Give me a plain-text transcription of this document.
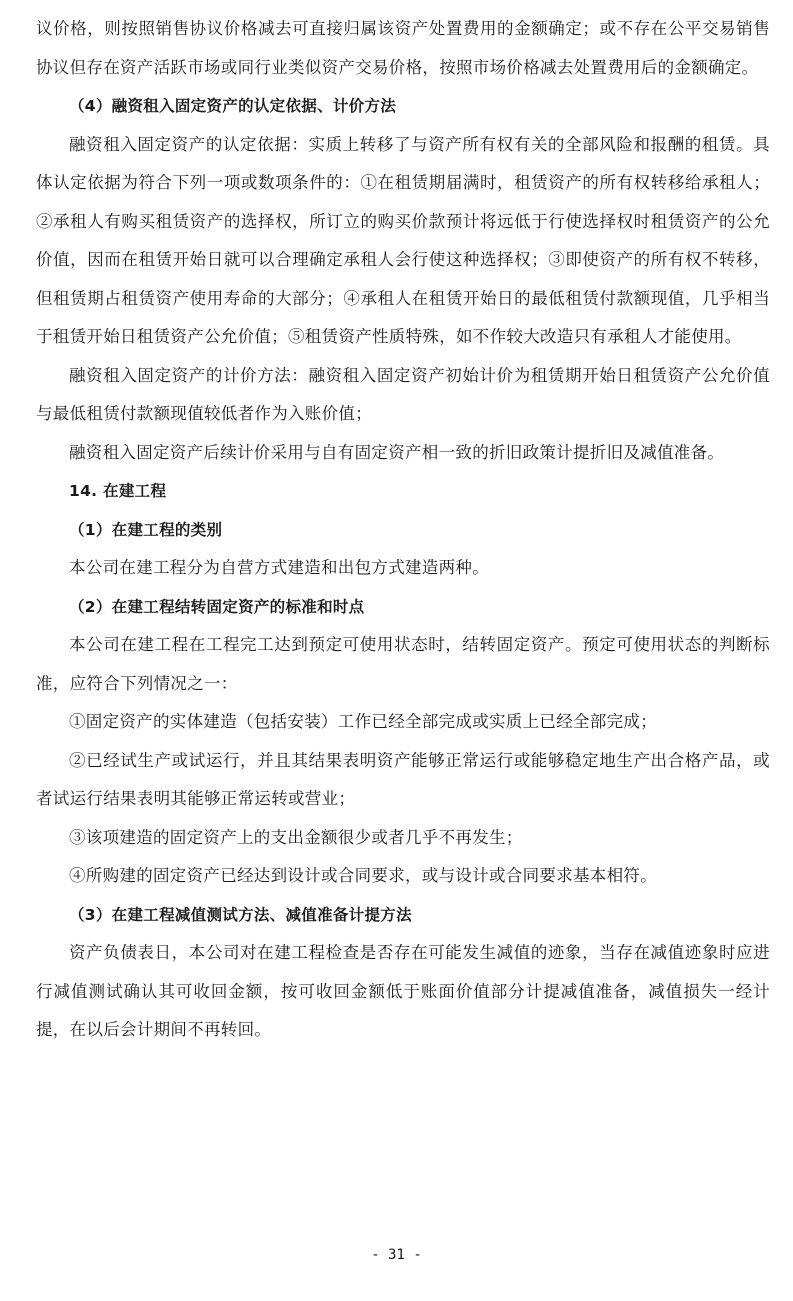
议价格，则按照销售协议价格减去可直接归属该资产处置费用的金额确定；或不存在公平交易销售协议但存在资产活跃市场或同行业类似资产交易价格，按照市场价格减去处置费用后的金额确定。

（4）融资租入固定资产的认定依据、计价方法

融资租入固定资产的认定依据：实质上转移了与资产所有权有关的全部风险和报酬的租赁。具体认定依据为符合下列一项或数项条件的：①在租赁期届满时，租赁资产的所有权转移给承租人；②承租人有购买租赁资产的选择权，所订立的购买价款预计将远低于行使选择权时租赁资产的公允价值，因而在租赁开始日就可以合理确定承租人会行使这种选择权；③即使资产的所有权不转移，但租赁期占租赁资产使用寿命的大部分；④承租人在租赁开始日的最低租赁付款额现值，几乎相当于租赁开始日租赁资产公允价值；⑤租赁资产性质特殊，如不作较大改造只有承租人才能使用。

融资租入固定资产的计价方法：融资租入固定资产初始计价为租赁期开始日租赁资产公允价值与最低租赁付款额现值较低者作为入账价值；

融资租入固定资产后续计价采用与自有固定资产相一致的折旧政策计提折旧及减值准备。

14. 在建工程

（1）在建工程的类别

本公司在建工程分为自营方式建造和出包方式建造两种。

（2）在建工程结转固定资产的标准和时点

本公司在建工程在工程完工达到预定可使用状态时，结转固定资产。预定可使用状态的判断标准，应符合下列情况之一：

①固定资产的实体建造（包括安装）工作已经全部完成或实质上已经全部完成；

②已经试生产或试运行，并且其结果表明资产能够正常运行或能够稳定地生产出合格产品，或者试运行结果表明其能够正常运转或营业；

③该项建造的固定资产上的支出金额很少或者几乎不再发生；

④所购建的固定资产已经达到设计或合同要求，或与设计或合同要求基本相符。

（3）在建工程减值测试方法、减值准备计提方法

资产负债表日，本公司对在建工程检查是否存在可能发生减值的迹象，当存在减值迹象时应进行减值测试确认其可收回金额，按可收回金额低于账面价值部分计提减值准备，减值损失一经计提，在以后会计期间不再转回。

- 31 -
